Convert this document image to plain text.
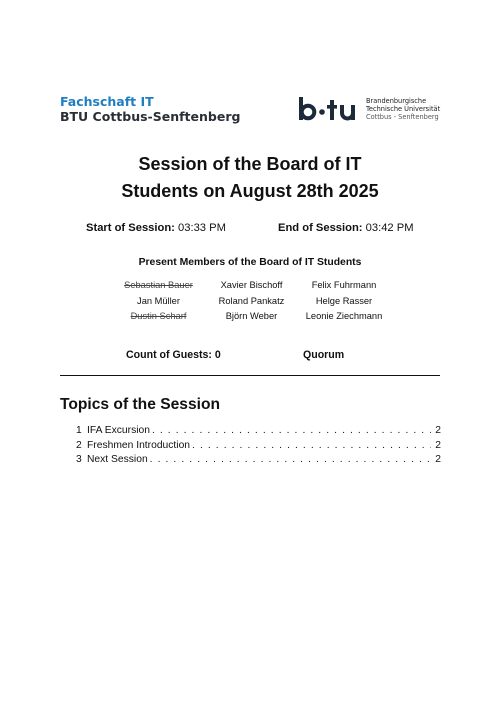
Fachschaft IT
BTU Cottbus-Senftenberg
Brandenburgische
Technische Universität
Cottbus - Senftenberg
Session of the Board of IT
Students on August 28th 2025
Start of Session: 03:33 PM	End of Session: 03:42 PM
Present Members of the Board of IT Students
Sebastian Bauer	Xavier Bischoff	Felix Fuhrmann
Jan Müller	Roland Pankatz	Helge Rasser
Dustin Scharf	Björn Weber	Leonie Ziechmann
Count of Guests: 0	Quorum
Topics of the Session
1 IFA Excursion . . .	2
2 Freshmen Introduction . . .	2
3 Next Session . . .	2
